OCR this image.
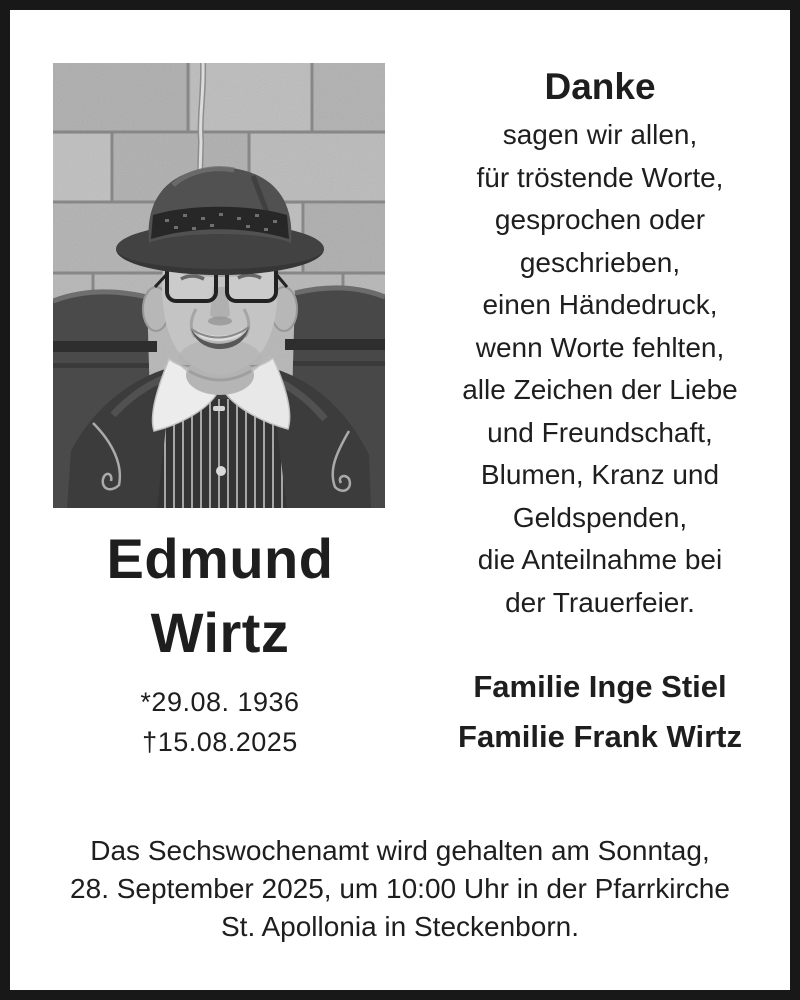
Edmund
Wirtz
*29.08. 1936
†15.08.2025
Danke
sagen wir allen,
für tröstende Worte,
gesprochen oder
geschrieben,
einen Händedruck,
wenn Worte fehlten,
alle Zeichen der Liebe
und Freundschaft,
Blumen, Kranz und
Geldspenden,
die Anteilnahme bei
der Trauerfeier.
Familie Inge Stiel
Familie Frank Wirtz
Das Sechswochenamt wird gehalten am Sonntag,
28. September 2025, um 10:00 Uhr in der Pfarrkirche
St. Apollonia in Steckenborn.
